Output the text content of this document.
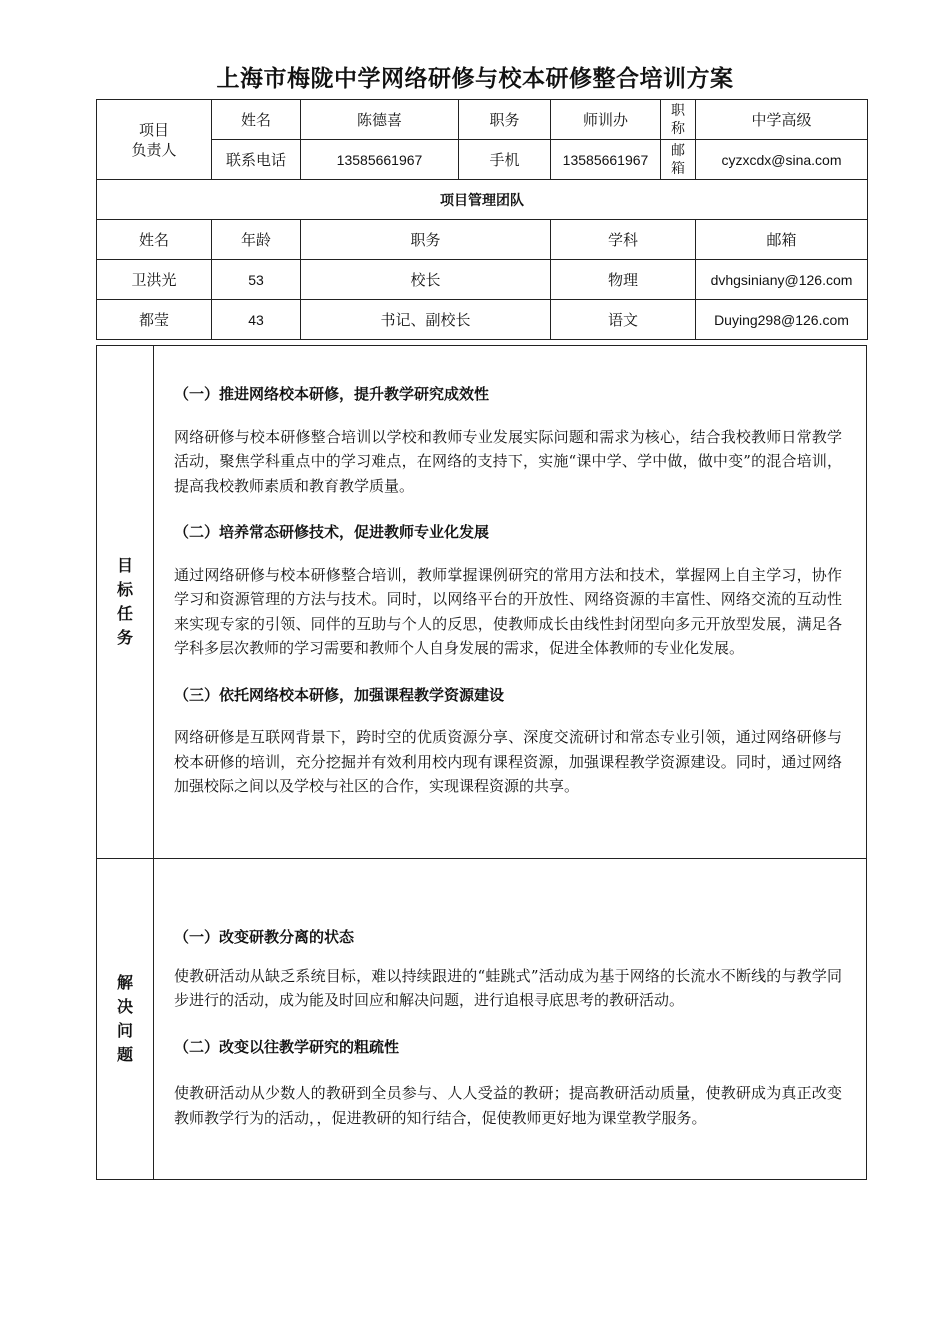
上海市梅陇中学网络研修与校本研修整合培训方案
项目
负责人	姓名	陈德喜	职务	师训办	职称	中学高级
	联系电话	13585661967	手机	13585661967	邮箱	cyzxcdx@sina.com
项目管理团队						
姓名	年龄	职务		学科		邮箱
卫洪光	53	校长		物理		dvhgsiniany@126.com
都莹	43	书记、副校长		语文		Duying298@126.com
目标任务
（一）推进网络校本研修，提升教学研究成效性

网络研修与校本研修整合培训以学校和教师专业发展实际问题和需求为核心，结合我校教师日常教学活动，聚焦学科重点中的学习难点，在网络的支持下，实施“课中学、学中做，做中变”的混合培训，提高我校教师素质和教育教学质量。

（二）培养常态研修技术，促进教师专业化发展

通过网络研修与校本研修整合培训，教师掌握课例研究的常用方法和技术，掌握网上自主学习，协作学习和资源管理的方法与技术。同时，以网络平台的开放性、网络资源的丰富性、网络交流的互动性来实现专家的引领、同伴的互助与个人的反思，使教师成长由线性封闭型向多元开放型发展，满足各学科多层次教师的学习需要和教师个人自身发展的需求，促进全体教师的专业化发展。

（三）依托网络校本研修，加强课程教学资源建设

网络研修是互联网背景下，跨时空的优质资源分享、深度交流研讨和常态专业引领，通过网络研修与校本研修的培训，充分挖掘并有效利用校内现有课程资源，加强课程教学资源建设。同时，通过网络加强校际之间以及学校与社区的合作，实现课程资源的共享。

解决问题
（一）改变研教分离的状态

使教研活动从缺乏系统目标，难以持续跟进的“蛙跳式”活动成为基于网络的长流水不断线的与教学同步进行的活动，成为能及时回应和解决问题，进行追根寻底思考的教研活动。

（二）改变以往教学研究的粗疏性

使教研活动从少数人的教研到全员参与、人人受益的教研；提高教研活动质量，使教研成为真正改变教师教学行为的活动，，促进教研的知行结合，促使教师更好地为课堂教学服务。
